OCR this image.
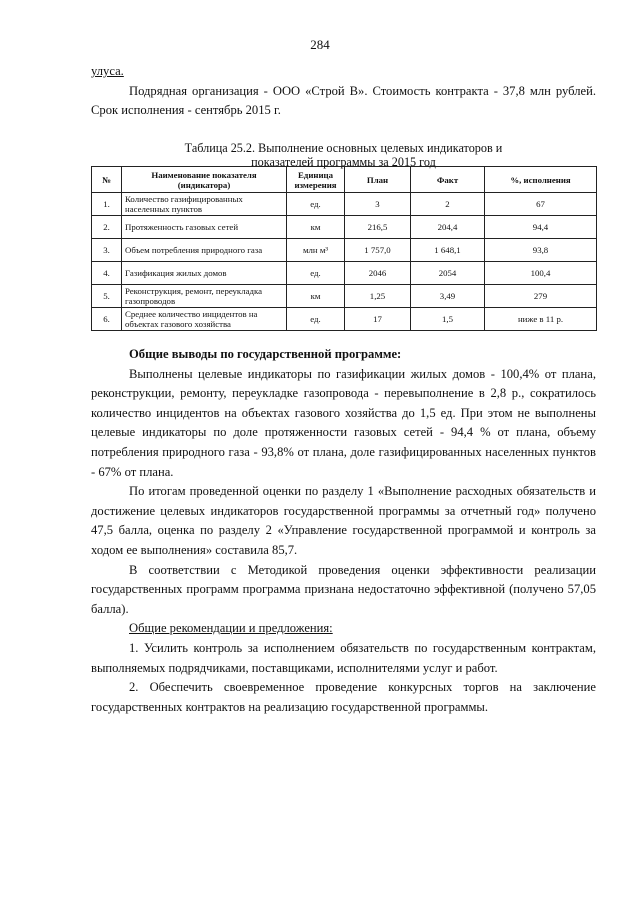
284

улуса.

Подрядная организация - ООО «Строй В». Стоимость контракта - 37,8 млн рублей. Срок исполнения - сентябрь 2015 г.

Таблица 25.2. Выполнение основных целевых индикаторов и
показателей программы за 2015 год
№	Наименование показателя (индикатора)	Единица измерения	План	Факт	%, исполнения
1.	Количество газифицированных населенных пунктов	ед.	3	2	67
2.	Протяженность газовых сетей	км	216,5	204,4	94,4
3.	Объем потребления природного газа	млн м³	1 757,0	1 648,1	93,8
4.	Газификация жилых домов	ед.	2046	2054	100,4
5.	Реконструкция, ремонт, переукладка газопроводов	км	1,25	3,49	279
6.	Среднее количество инцидентов на объектах газового хозяйства	ед.	17	1,5	ниже в 11 р.

Общие выводы по государственной программе:

Выполнены целевые индикаторы по газификации жилых домов - 100,4% от плана, реконструкции, ремонту, переукладке газопровода - перевыполнение в 2,8 р., сократилось количество инцидентов на объектах газового хозяйства до 1,5 ед. При этом не выполнены целевые индикаторы по доле протяженности газовых сетей - 94,4 % от плана, объему потребления природного газа - 93,8% от плана, доле газифицированных населенных пунктов - 67% от плана.

По итогам проведенной оценки по разделу 1 «Выполнение расходных обязательств и достижение целевых индикаторов государственной программы за отчетный год» получено 47,5 балла, оценка по разделу 2 «Управление государственной программой и контроль за ходом ее выполнения» составила 85,7.

В соответствии с Методикой проведения оценки эффективности реализации государственных программ программа признана недостаточно эффективной (получено 57,05 балла).

Общие рекомендации и предложения:

1. Усилить контроль за исполнением обязательств по государственным контрактам, выполняемых подрядчиками, поставщиками, исполнителями услуг и работ.

2. Обеспечить своевременное проведение конкурсных торгов на заключение государственных контрактов на реализацию государственной программы.
